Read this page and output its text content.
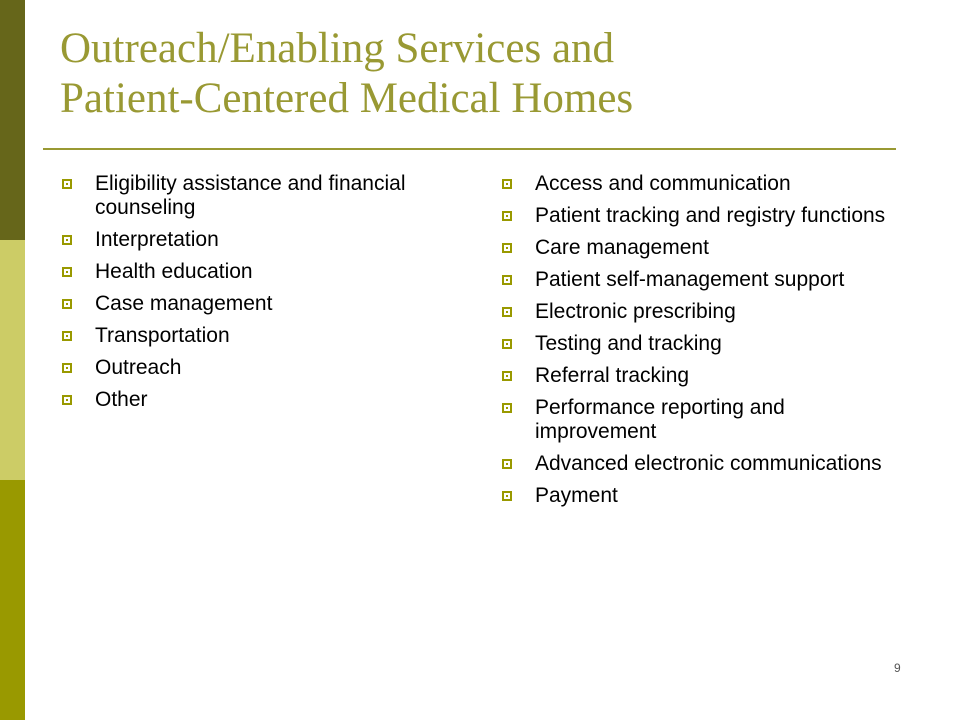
Outreach/Enabling Services and
Patient-Centered Medical Homes
Eligibility assistance and financial counseling
Interpretation
Health education
Case management
Transportation
Outreach
Other
Access and communication
Patient tracking and registry functions
Care management
Patient self-management support
Electronic prescribing
Testing and tracking
Referral tracking
Performance reporting and improvement
Advanced electronic communications
Payment
9
